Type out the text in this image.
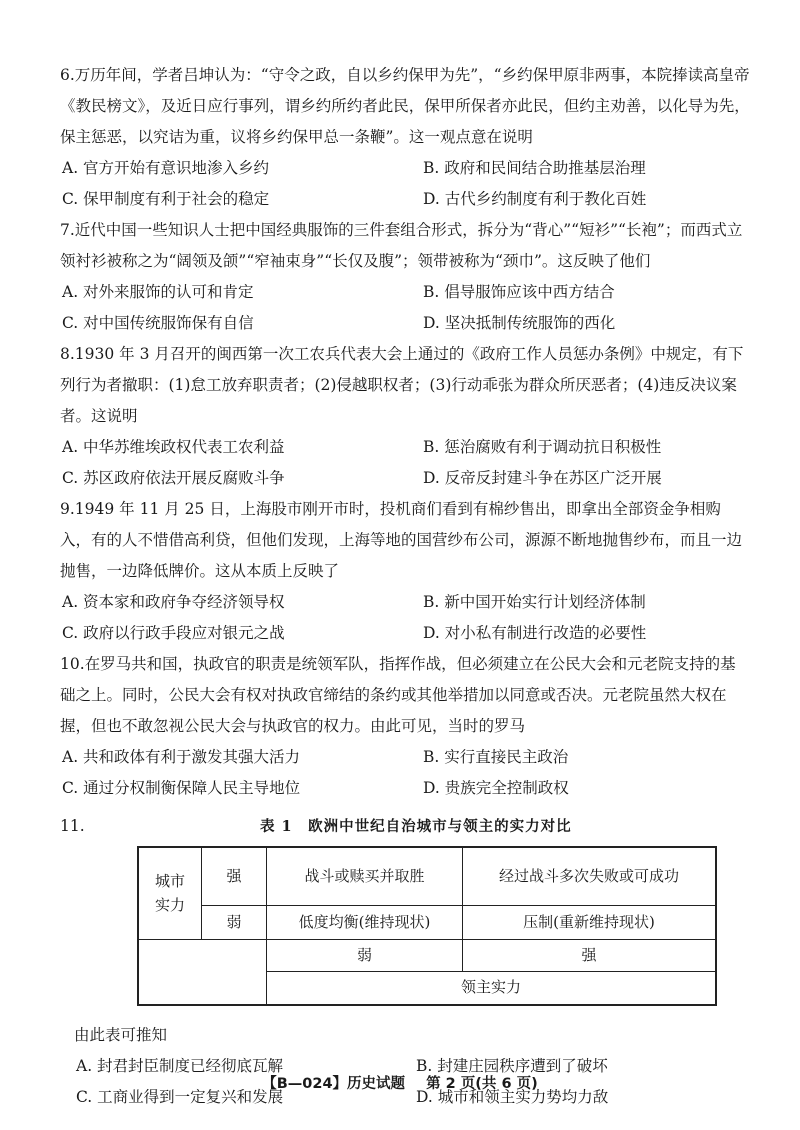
6.万历年间，学者吕坤认为：“守令之政，自以乡约保甲为先”，“乡约保甲原非两事，本院捧读高皇帝《教民榜文》，及近日应行事列，谓乡约所约者此民，保甲所保者亦此民，但约主劝善，以化导为先，保主惩恶，以究诘为重，议将乡约保甲总一条鞭”。这一观点意在说明

A. 官方开始有意识地渗入乡约	B. 政府和民间结合助推基层治理
C. 保甲制度有利于社会的稳定	D. 古代乡约制度有利于教化百姓

7.近代中国一些知识人士把中国经典服饰的三件套组合形式，拆分为“背心”“短衫”“长袍”；而西式立领衬衫被称之为“阔领及颌”“窄袖束身”“长仅及腹”；领带被称为“颈巾”。这反映了他们

A. 对外来服饰的认可和肯定	B. 倡导服饰应该中西方结合
C. 对中国传统服饰保有自信	D. 坚决抵制传统服饰的西化

8.1930 年 3 月召开的闽西第一次工农兵代表大会上通过的《政府工作人员惩办条例》中规定，有下列行为者撤职：(1)怠工放弃职责者；(2)侵越职权者；(3)行动乖张为群众所厌恶者；(4)违反决议案者。这说明

A. 中华苏维埃政权代表工农利益	B. 惩治腐败有利于调动抗日积极性
C. 苏区政府依法开展反腐败斗争	D. 反帝反封建斗争在苏区广泛开展

9.1949 年 11 月 25 日，上海股市刚开市时，投机商们看到有棉纱售出，即拿出全部资金争相购入，有的人不惜借高利贷，但他们发现，上海等地的国营纱布公司，源源不断地抛售纱布，而且一边抛售，一边降低牌价。这从本质上反映了

A. 资本家和政府争夺经济领导权	B. 新中国开始实行计划经济体制
C. 政府以行政手段应对银元之战	D. 对小私有制进行改造的必要性

10.在罗马共和国，执政官的职责是统领军队，指挥作战，但必须建立在公民大会和元老院支持的基础之上。同时，公民大会有权对执政官缔结的条约或其他举措加以同意或否决。元老院虽然大权在握，但也不敢忽视公民大会与执政官的权力。由此可见，当时的罗马

A. 共和政体有利于激发其强大活力	B. 实行直接民主政治
C. 通过分权制衡保障人民主导地位	D. 贵族完全控制政权
11.	表 1　欧洲中世纪自治城市与领主的实力对比
城市实力	强	战斗或赎买并取胜	经过战斗多次失败或可成功
	弱	低度均衡(维持现状)	压制(重新维持现状)
		弱	强
		领主实力	

由此表可推知

A. 封君封臣制度已经彻底瓦解	B. 封建庄园秩序遭到了破坏
C. 工商业得到一定复兴和发展	D. 城市和领主实力势均力敌
【B—024】历史试题 第 2 页(共 6 页)
